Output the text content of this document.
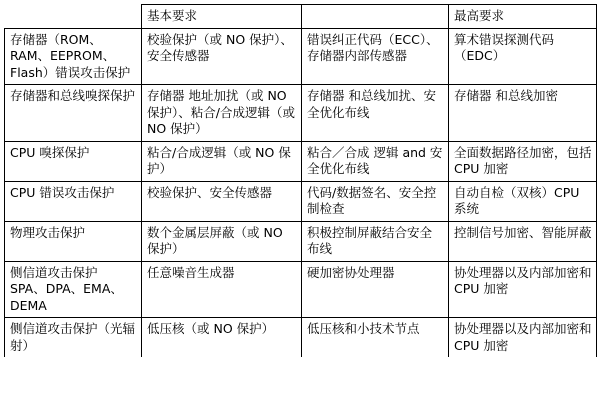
	基本要求		最高要求

存储器（ROM、RAM、EEPROM、Flash）错误攻击保护	校验保护（或 NO 保护）、安全传感器	错误纠正代码（ECC）、存储器内部传感器	算术错误探测代码（EDC）

存储器和总线嗅探保护	存储器 地址加扰（或 NO 保护）、粘合/合成逻辑（或 NO 保护）	存储器 和总线加扰、安全优化布线	存储器 和总线加密

CPU 嗅探保护	粘合/合成逻辑（或 NO 保护）	粘合／合成 逻辑 and 安全优化布线	全面数据路径加密，包括 CPU 加密

CPU 错误攻击保护	校验保护、安全传感器	代码/数据签名、安全控制检查	自动自检（双核）CPU 系统

物理攻击保护	数个金属层屏蔽（或 NO 保护）	积极控制屏蔽结合安全布线	控制信号加密、智能屏蔽

侧信道攻击保护 SPA、DPA、EMA、DEMA	任意噪音生成器	硬加密协处理器	协处理器以及内部加密和 CPU 加密

侧信道攻击保护（光辐射）	低压核（或 NO 保护）	低压核和小技术节点	协处理器以及内部加密和 CPU 加密
